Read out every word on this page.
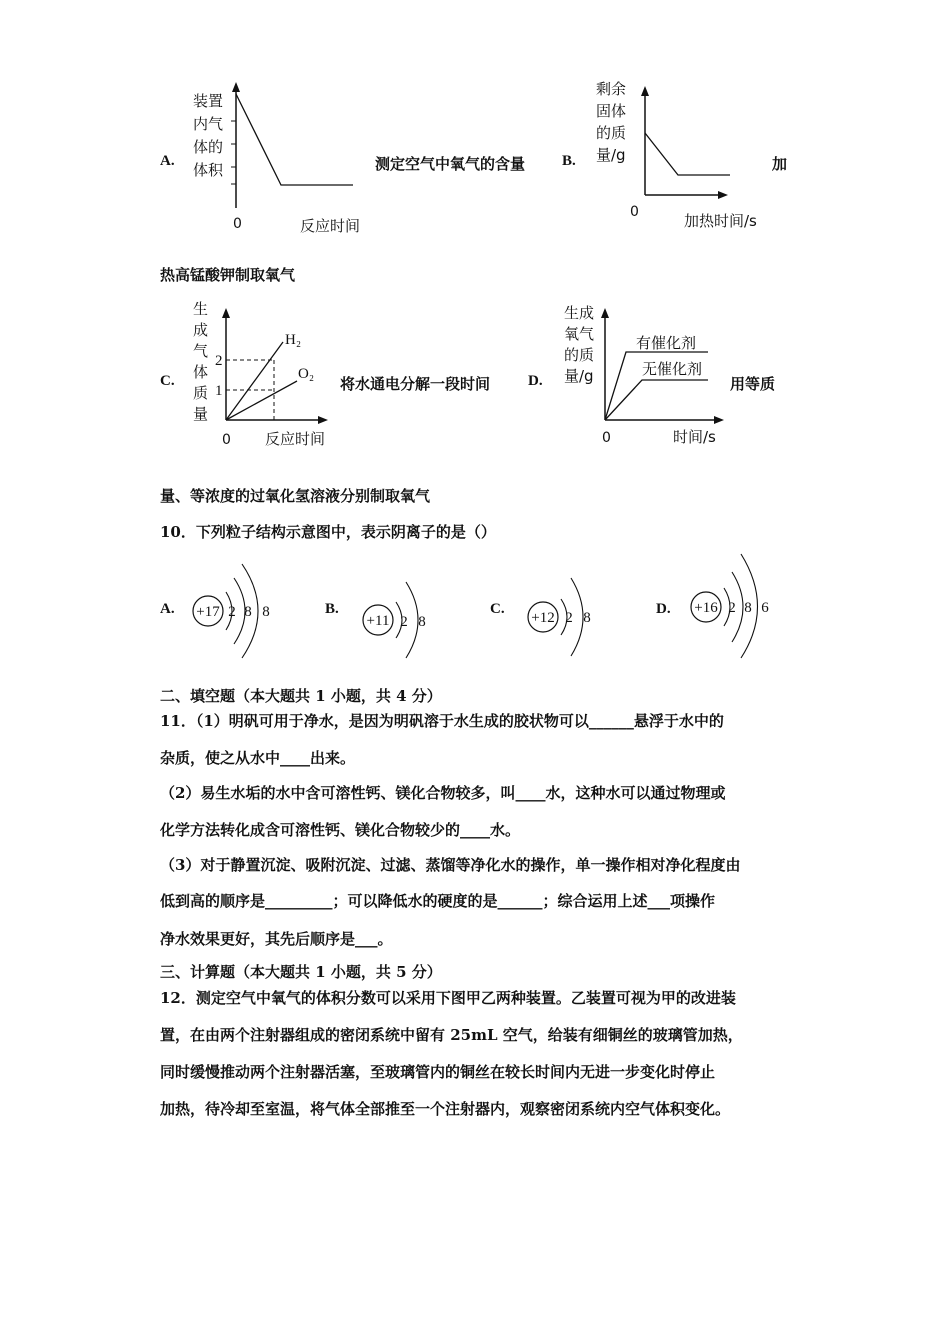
A.
装置
内气
体的
体积
0	反应时间
测定空气中氧气的含量 B.
剩余
固体
的质
量/g
0	加热时间/s
加
热高锰酸钾制取氧气
C.
生
成
气
体
质
量
2
1
H₂
O₂
0 反应时间
将水通电分解一段时间	D.
生成
氧气
的质
量/g
有催化剂
无催化剂
0	时间/s
用等质
量、等浓度的过氧化氢溶液分别制取氧气
10．下列粒子结构示意图中，表示阴离子的是（）
A. +17 2 8 8	B.
+11 2 8
C.
+12 2 8
D. +16 2 8 6
二、填空题（本大题共 1 小题，共 4 分）
11．（1）明矾可用于净水，是因为明矾溶于水生成的胶状物可以______悬浮于水中的
杂质，使之从水中____出来。
（2）易生水垢的水中含可溶性钙、镁化合物较多，叫____水，这种水可以通过物理或
化学方法转化成含可溶性钙、镁化合物较少的____水。
（3）对于静置沉淀、吸附沉淀、过滤、蒸馏等净化水的操作，单一操作相对净化程度由
低到高的顺序是_________；可以降低水的硬度的是______；综合运用上述___项操作
净水效果更好，其先后顺序是___。
三、计算题（本大题共 1 小题，共 5 分）
12．测定空气中氧气的体积分数可以采用下图甲乙两种装置。乙装置可视为甲的改进装
置，在由两个注射器组成的密闭系统中留有 25mL 空气，给装有细铜丝的玻璃管加热，
同时缓慢推动两个注射器活塞，至玻璃管内的铜丝在较长时间内无进一步变化时停止
加热，待冷却至室温，将气体全部推至一个注射器内，观察密闭系统内空气体积变化。
